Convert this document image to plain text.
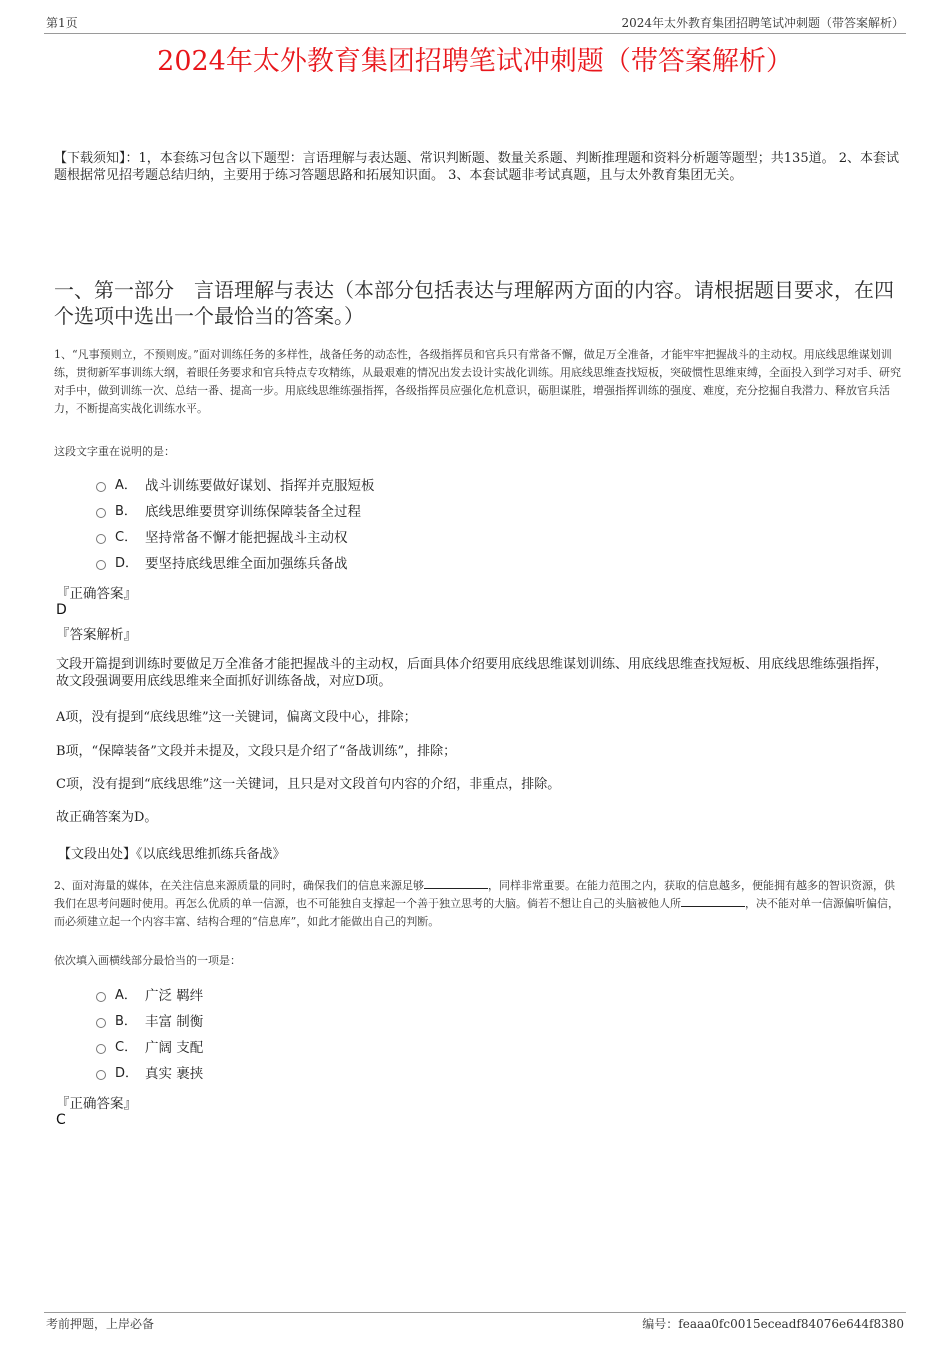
第1页	2024年太外教育集团招聘笔试冲刺题（带答案解析）
2024年太外教育集团招聘笔试冲刺题（带答案解析）
【下载须知】：1，本套练习包含以下题型：言语理解与表达题、常识判断题、数量关系题、判断推理题和资料分析题等题型；共135道。 2、本套试题根据常见招考题总结归纳，主要用于练习答题思路和拓展知识面。 3、本套试题非考试真题，且与太外教育集团无关。
一、第一部分　言语理解与表达（本部分包括表达与理解两方面的内容。请根据题目要求，在四个选项中选出一个最恰当的答案。）
1、“凡事预则立，不预则废。”面对训练任务的多样性，战备任务的动态性，各级指挥员和官兵只有常备不懈，做足万全准备，才能牢牢把握战斗的主动权。用底线思维谋划训练，贯彻新军事训练大纲，着眼任务要求和官兵特点专攻精练，从最艰难的情况出发去设计实战化训练。用底线思维查找短板，突破惯性思维束缚，全面投入到学习对手、研究对手中，做到训练一次、总结一番、提高一步。用底线思维练强指挥，各级指挥员应强化危机意识，砺胆谋胜，增强指挥训练的强度、难度，充分挖掘自我潜力、释放官兵活力，不断提高实战化训练水平。
这段文字重在说明的是：
A． 战斗训练要做好谋划、指挥并克服短板
B． 底线思维要贯穿训练保障装备全过程
C． 坚持常备不懈才能把握战斗主动权
D． 要坚持底线思维全面加强练兵备战
『正确答案』
D
『答案解析』
文段开篇提到训练时要做足万全准备才能把握战斗的主动权，后面具体介绍要用底线思维谋划训练、用底线思维查找短板、用底线思维练强指挥，故文段强调要用底线思维来全面抓好训练备战，对应D项。
A项，没有提到“底线思维”这一关键词，偏离文段中心，排除；
B项，“保障装备”文段并未提及，文段只是介绍了“备战训练”，排除；
C项，没有提到“底线思维”这一关键词，且只是对文段首句内容的介绍，非重点，排除。
故正确答案为D。
【文段出处】《以底线思维抓练兵备战》
2、面对海量的媒体，在关注信息来源质量的同时，确保我们的信息来源足够	，同样非常重要。在能力范围之内，获取的信息越多，便能拥有越多的智识资源，供我们在思考问题时使用。再怎么优质的单一信源，也不可能独自支撑起一个善于独立思考的大脑。倘若不想让自己的头脑被他人所	，决不能对单一信源偏听偏信，而必须建立起一个内容丰富、结构合理的“信息库”，如此才能做出自己的判断。
依次填入画横线部分最恰当的一项是：
A． 广泛 羁绊
B． 丰富 制衡
C． 广阔 支配
D． 真实 裹挟
『正确答案』
C
考前押题，上岸必备	编号：feaaa0fc0015eceadf84076e644f8380
